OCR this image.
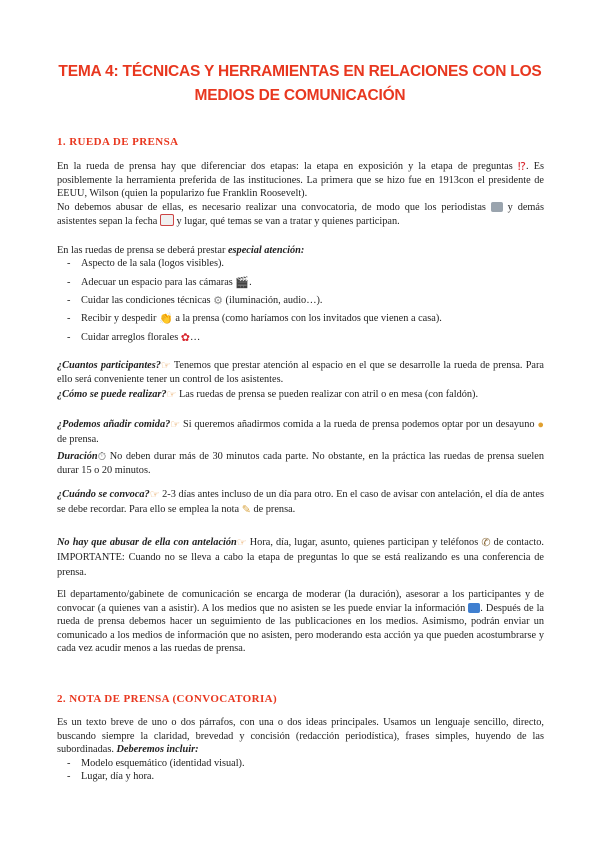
TEMA 4: TÉCNICAS Y HERRAMIENTAS EN RELACIONES CON LOS
MEDIOS DE COMUNICACIÓN
1. RUEDA DE PRENSA
En la rueda de prensa hay que diferenciar dos etapas: la etapa en exposición y la etapa de preguntas ⁉. Es posiblemente la herramienta preferida de las instituciones. La primera que se hizo fue en 1913con el presidente de EEUU, Wilson (quien la popularizo fue Franklin Roosevelt).
No debemos abusar de ellas, es necesario realizar una convocatoria, de modo que los periodistas  y demás asistentes sepan la fecha  y lugar, qué temas se van a tratar y quienes participan.
En las ruedas de prensa se deberá prestar especial atención:
- Aspecto de la sala (logos visibles).
- Adecuar un espacio para las cámaras 🎬.
- Cuidar las condiciones técnicas ⚙ (iluminación, audio…).
- Recibir y despedir 👏 a la prensa (como haríamos con los invitados que vienen a casa).
- Cuidar arreglos florales ✿…
¿Cuantos participantes?☞ Tenemos que prestar atención al espacio en el que se desarrolle la rueda de prensa. Para ello será conveniente tener un control de los asistentes.
¿Cómo se puede realizar?☞ Las ruedas de prensa se pueden realizar con atril o en mesa (con faldón).
¿Podemos añadir comida?☞ Si queremos añadirmos comida a la rueda de prensa podemos optar por un desayuno ● de prensa.
Duración⏱ No deben durar más de 30 minutos cada parte. No obstante, en la práctica las ruedas de prensa suelen durar 15 o 20 minutos.
¿Cuándo se convoca?☞ 2-3 días antes incluso de un día para otro. En el caso de avisar con antelación, el día de antes se debe recordar. Para ello se emplea la nota ✎ de prensa.
No hay que abusar de ella con antelación☞ Hora, día, lugar, asunto, quienes participan y teléfonos ✆ de contacto. IMPORTANTE: Cuando no se lleva a cabo la etapa de preguntas lo que se está realizando es una conferencia de prensa.
El departamento/gabinete de comunicación se encarga de moderar (la duración), asesorar a los participantes y de convocar (a quienes van a asistir). A los medios que no asisten se les puede enviar la información . Después de la rueda de prensa debemos hacer un seguimiento de las publicaciones en los medios. Asimismo, podrán enviar un comunicado a los medios de información que no asisten, pero moderando esta acción ya que pueden acostumbrarse y cada vez acudir menos a las ruedas de prensa.
2. NOTA DE PRENSA (CONVOCATORIA)
Es un texto breve de uno o dos párrafos, con una o dos ideas principales. Usamos un lenguaje sencillo, directo, buscando siempre la claridad, brevedad y concisión (redacción periodística), frases simples, huyendo de las subordinadas. Deberemos incluir:
- Modelo esquemático (identidad visual).
- Lugar, día y hora.
